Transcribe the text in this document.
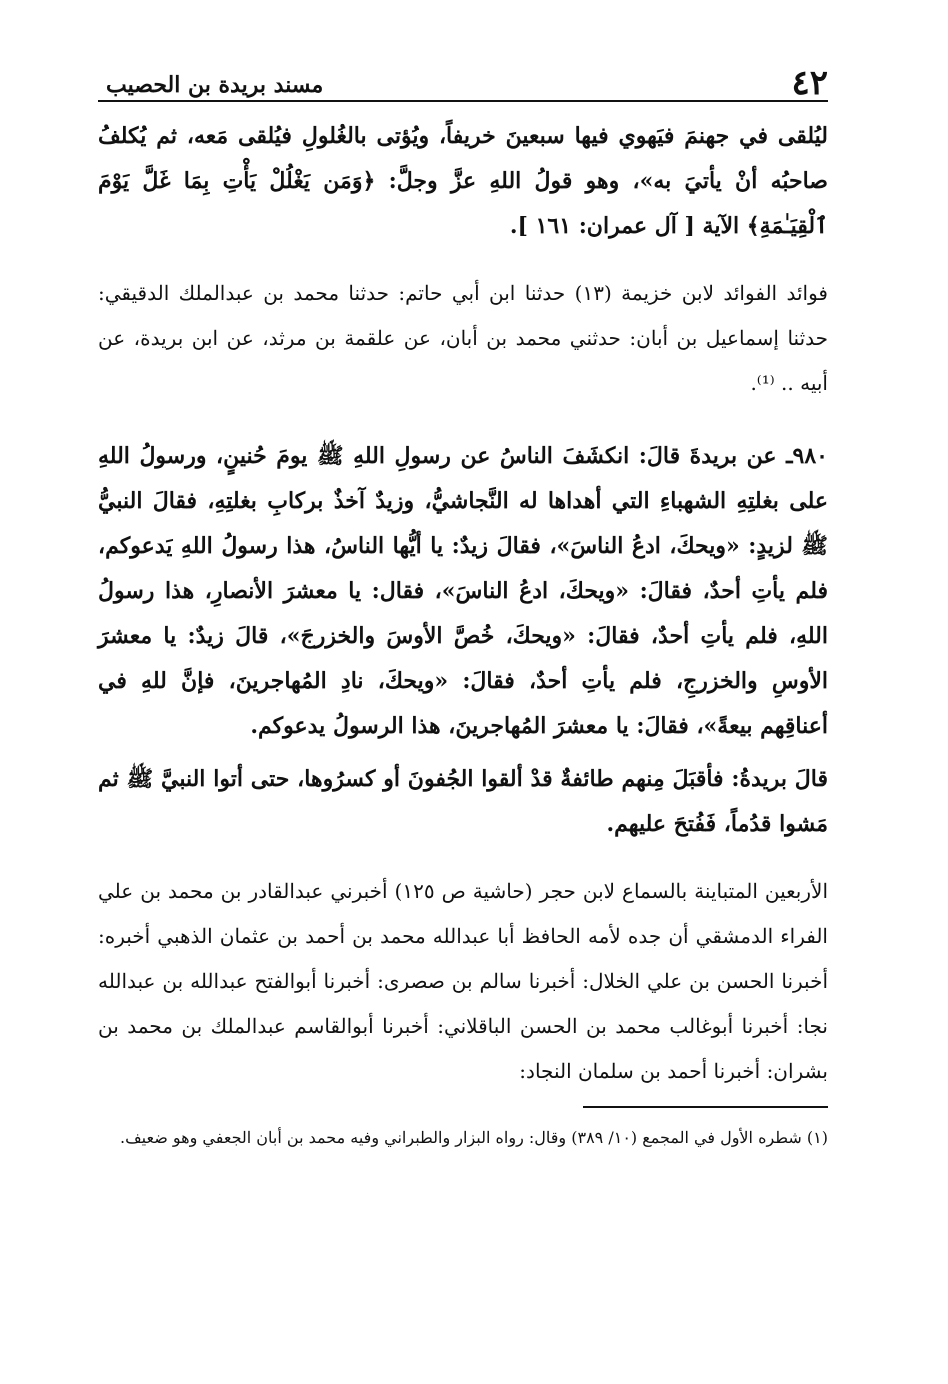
٤٢
مسند بريدة بن الحصيب

ليُلقى في جهنمَ فيَهوي فيها سبعينَ خريفاً، ويُؤتى بالغُلولِ فيُلقى مَعه، ثم يُكلفُ صاحبُه أنْ يأتيَ به»، وهو قولُ اللهِ عزَّ وجلَّ: ﴿وَمَن يَغْلُلْ يَأْتِ بِمَا غَلَّ يَوْمَ ٱلْقِيَـٰمَةِ﴾ الآية [ آل عمران: ١٦١ ].

فوائد الفوائد لابن خزيمة (١٣) حدثنا ابن أبي حاتم: حدثنا محمد بن عبدالملك الدقيقي: حدثنا إسماعيل بن أبان: حدثني محمد بن أبان، عن علقمة بن مرثد، عن ابن بريدة، عن أبيه .. ⁽¹⁾.

٩٨٠ـ عن بريدةَ قالَ: انكشَفَ الناسُ عن رسولِ اللهِ ﷺ يومَ حُنينٍ، ورسولُ اللهِ على بغلتِهِ الشهباءِ التي أهداها له النَّجاشيُّ، وزيدٌ آخذٌ بركابِ بغلتِهِ، فقالَ النبيُّ ﷺ لزيدٍ: «ويحكَ، ادعُ الناسَ»، فقالَ زيدٌ: يا أيُّها الناسُ، هذا رسولُ اللهِ يَدعوكم، فلم يأتِ أحدٌ، فقالَ: «ويحكَ، ادعُ الناسَ»، فقال: يا معشرَ الأنصارِ، هذا رسولُ اللهِ، فلم يأتِ أحدٌ، فقالَ: «ويحكَ، خُصَّ الأوسَ والخزرجَ»، قالَ زيدٌ: يا معشرَ الأوسِ والخزرجِ، فلم يأتِ أحدٌ، فقالَ: «ويحكَ، نادِ المُهاجرينَ، فإنَّ للهِ في أعناقِهم بيعةً»، فقالَ: يا معشرَ المُهاجرينَ، هذا الرسولُ يدعوكم.

قالَ بريدةُ: فأقبَلَ مِنهم طائفةٌ قدْ ألقوا الجُفونَ أو كسرُوها، حتى أتوا النبيَّ ﷺ ثم مَشوا قدُماً، فَفُتحَ عليهم.

الأربعين المتباينة بالسماع لابن حجر (حاشية ص ١٢٥) أخبرني عبدالقادر بن محمد بن علي الفراء الدمشقي أن جده لأمه الحافظ أبا عبدالله محمد بن أحمد بن عثمان الذهبي أخبره: أخبرنا الحسن بن علي الخلال: أخبرنا سالم بن صصرى: أخبرنا أبوالفتح عبدالله بن عبدالله نجا: أخبرنا أبوغالب محمد بن الحسن الباقلاني: أخبرنا أبوالقاسم عبدالملك بن محمد بن بشران: أخبرنا أحمد بن سلمان النجاد:

(١) شطره الأول في المجمع (١٠/ ٣٨٩) وقال: رواه البزار والطبراني وفيه محمد بن أبان الجعفي وهو ضعيف.
